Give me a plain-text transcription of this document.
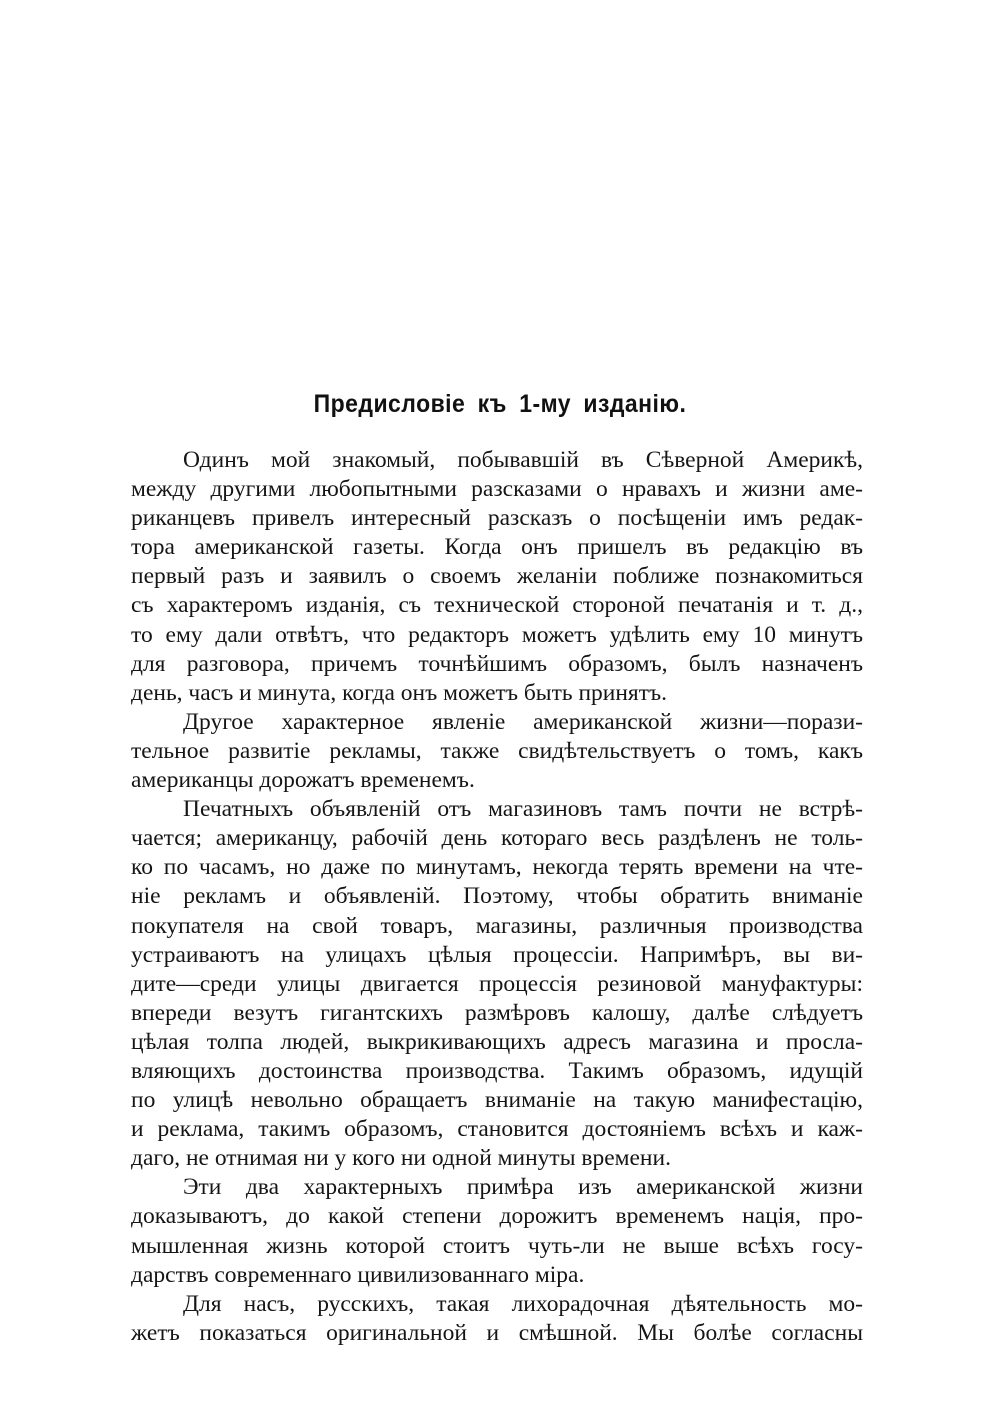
Предисловіе къ 1-му изданію.
Одинъ мой знакомый, побывавшій въ Сѣверной Америкѣ,
между другими любопытными разсказами о нравахъ и жизни аме-
риканцевъ привелъ интересный разсказъ о посѣщеніи имъ редак-
тора американской газеты. Когда онъ пришелъ въ редакцію въ
первый разъ и заявилъ о своемъ желаніи поближе познакомиться
съ характеромъ изданія, съ технической стороной печатанія и т. д.,
то ему дали отвѣтъ, что редакторъ можетъ удѣлить ему 10 минутъ
для разговора, причемъ точнѣйшимъ образомъ, былъ назначенъ
день, часъ и минута, когда онъ можетъ быть принятъ.
Другое характерное явленіе американской жизни—порази-
тельное развитіе рекламы, также свидѣтельствуетъ о томъ, какъ
американцы дорожатъ временемъ.
Печатныхъ объявленій отъ магазиновъ тамъ почти не встрѣ-
чается; американцу, рабочій день котораго весь раздѣленъ не толь-
ко по часамъ, но даже по минутамъ, некогда терять времени на чте-
ніе рекламъ и объявленій. Поэтому, чтобы обратить вниманіе
покупателя на свой товаръ, магазины, различныя производства
устраиваютъ на улицахъ цѣлыя процессіи. Напримѣръ, вы ви-
дите—среди улицы двигается процессія резиновой мануфактуры:
впереди везутъ гигантскихъ размѣровъ калошу, далѣе слѣдуетъ
цѣлая толпа людей, выкрикивающихъ адресъ магазина и просла-
вляющихъ достоинства производства. Такимъ образомъ, идущій
по улицѣ невольно обращаетъ вниманіе на такую манифестацію,
и реклама, такимъ образомъ, становится достояніемъ всѣхъ и каж-
даго, не отнимая ни у кого ни одной минуты времени.
Эти два характерныхъ примѣра изъ американской жизни
доказываютъ, до какой степени дорожитъ временемъ нація, про-
мышленная жизнь которой стоитъ чуть-ли не выше всѣхъ госу-
дарствъ современнаго цивилизованнаго міра.
Для насъ, русскихъ, такая лихорадочная дѣятельность мо-
жетъ показаться оригинальной и смѣшной. Мы болѣе согласны
